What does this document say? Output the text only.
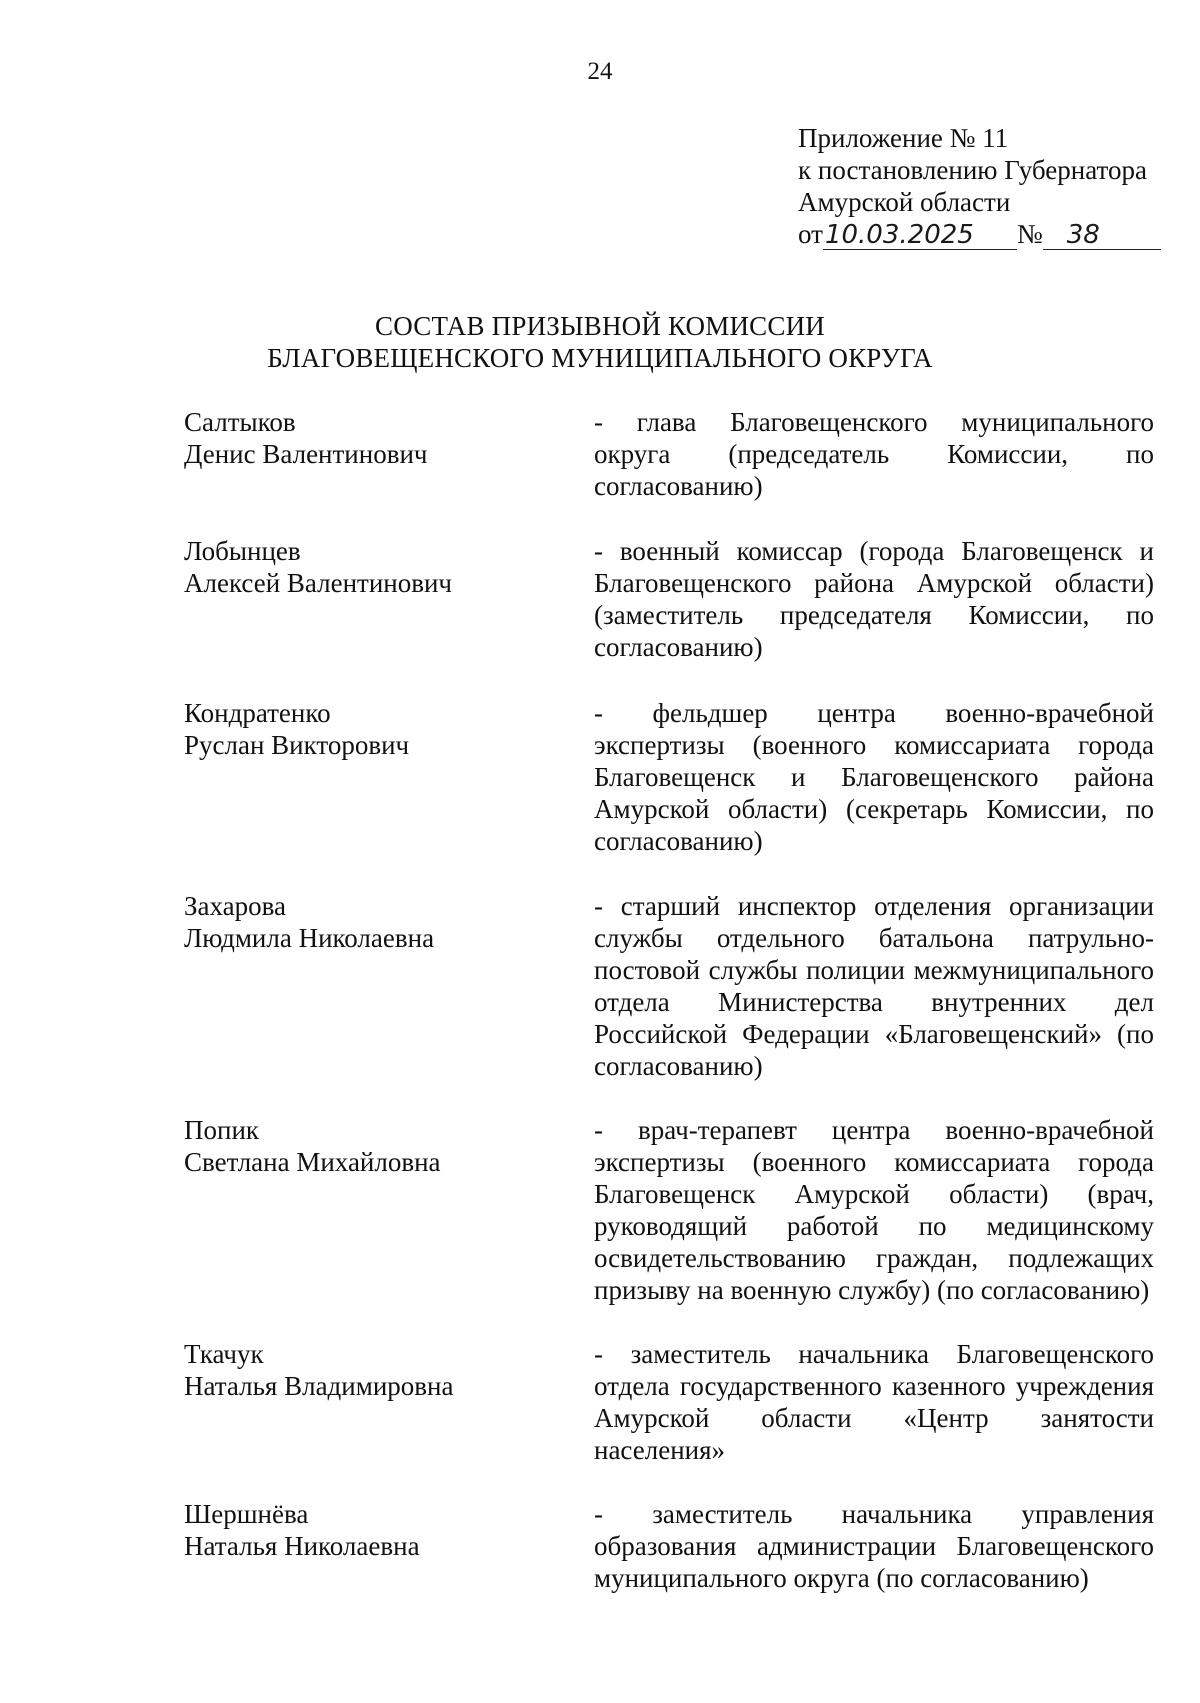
24
Приложение № 11
к постановлению Губернатора
Амурской области
от10.03.2025 № 38
СОСТАВ ПРИЗЫВНОЙ КОМИССИИ
БЛАГОВЕЩЕНСКОГО МУНИЦИПАЛЬНОГО ОКРУГА
Салтыков
Денис Валентинович
- глава Благовещенского муниципального округа (председатель Комиссии, по согласованию)
Лобынцев
Алексей Валентинович
- военный комиссар (города Благовещенск и Благовещенского района Амурской области) (заместитель председателя Комиссии, по согласованию)
Кондратенко
Руслан Викторович
- фельдшер центра военно-врачебной экспертизы (военного комиссариата города Благовещенск и Благовещенского района Амурской области) (секретарь Комиссии, по согласованию)
Захарова
Людмила Николаевна
- старший инспектор отделения организации службы отдельного батальона патрульно-постовой службы полиции межмуниципального отдела Министерства внутренних дел Российской Федерации «Благовещенский» (по согласованию)
Попик
Светлана Михайловна
- врач-терапевт центра военно-врачебной экспертизы (военного комиссариата города Благовещенск Амурской области) (врач, руководящий работой по медицинскому освидетельствованию граждан, подлежащих призыву на военную службу) (по согласованию)
Ткачук
Наталья Владимировна
- заместитель начальника Благовещенского отдела государственного казенного учреждения Амурской области «Центр занятости населения»
Шершнёва
Наталья Николаевна
- заместитель начальника управления образования администрации Благовещенского муниципального округа (по согласованию)
